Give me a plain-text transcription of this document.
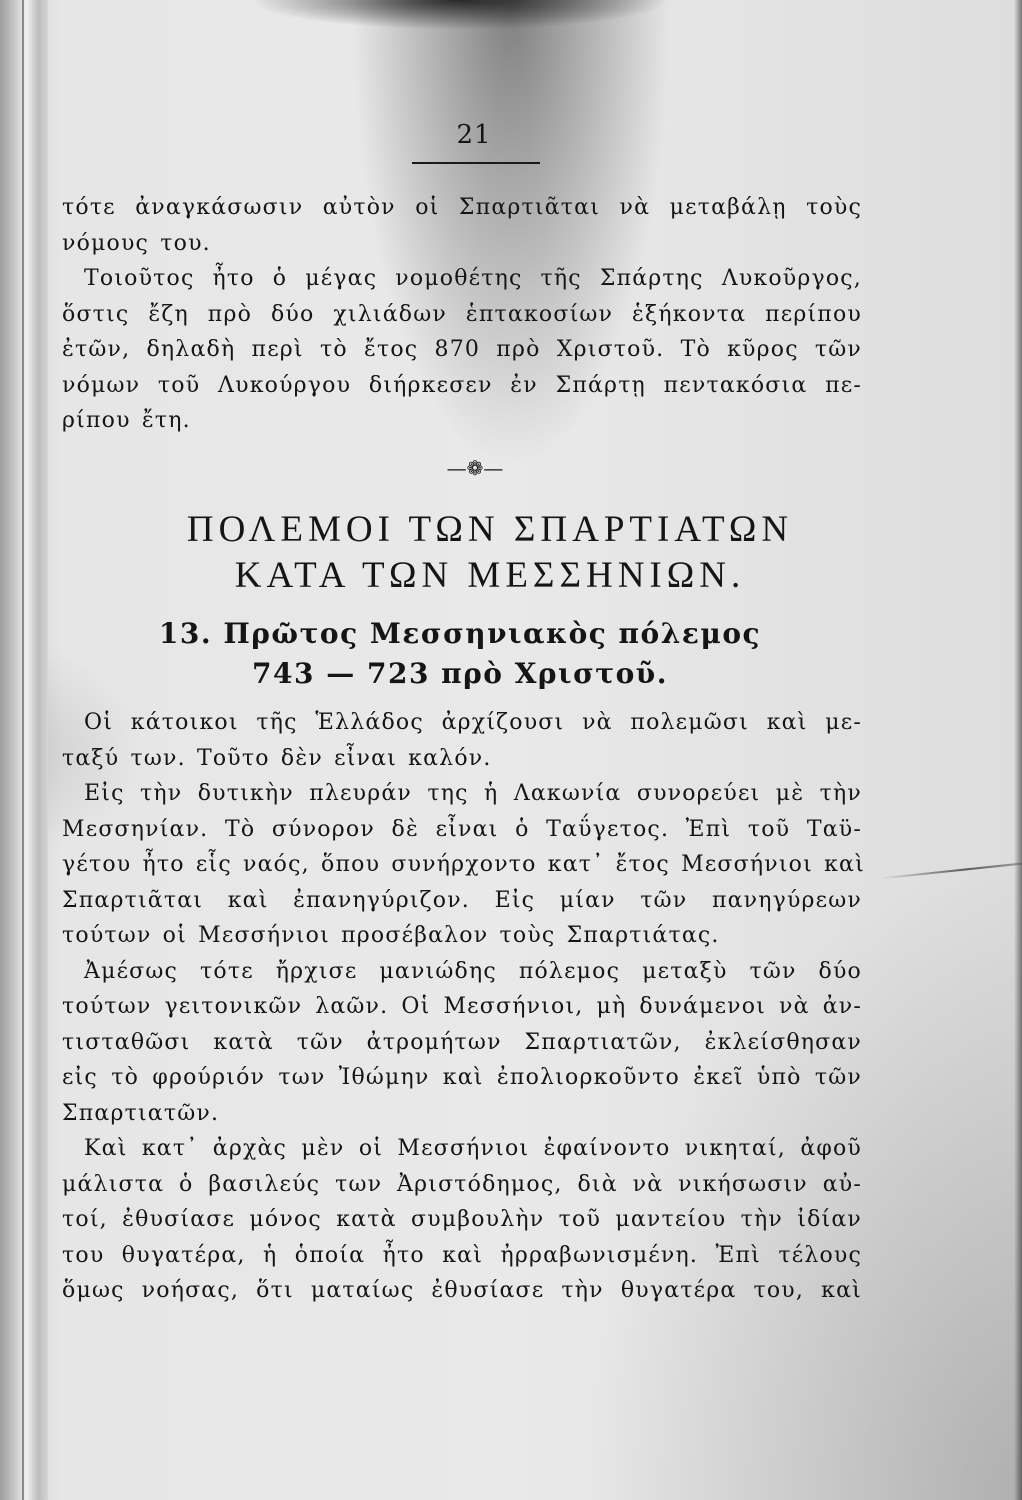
21
τότε ἀναγκάσωσιν αὐτὸν οἱ Σπαρτιᾶται νὰ μεταβάλῃ τοὺς
νόμους του.
Τοιοῦτος ἦτο ὁ μέγας νομοθέτης τῆς Σπάρτης Λυκοῦργος,
ὅστις ἔζη πρὸ δύο χιλιάδων ἑπτακοσίων ἑξήκοντα περίπου
ἐτῶν, δηλαδὴ περὶ τὸ ἔτος 870 πρὸ Χριστοῦ. Τὸ κῦρος τῶν
νόμων τοῦ Λυκούργου διήρκεσεν ἐν Σπάρτῃ πεντακόσια πε-
ρίπου ἔτη.
—❁—
ΠΟΛΕΜΟΙ ΤΩΝ ΣΠΑΡΤΙΑΤΩΝ
ΚΑΤΑ ΤΩΝ ΜΕΣΣΗΝΙΩΝ.
13. Πρῶτος Μεσσηνιακὸς πόλεμος
743 — 723 πρὸ Χριστοῦ.
Οἱ κάτοικοι τῆς Ἑλλάδος ἀρχίζουσι νὰ πολεμῶσι καὶ με-
ταξύ των. Τοῦτο δὲν εἶναι καλόν.
Εἰς τὴν δυτικὴν πλευράν της ἡ Λακωνία συνορεύει μὲ τὴν
Μεσσηνίαν. Τὸ σύνορον δὲ εἶναι ὁ Ταΰγετος. Ἐπὶ τοῦ Ταϋ-
γέτου ἦτο εἷς ναός, ὅπου συνήρχοντο κατ᾽ ἔτος Μεσσήνιοι καὶ
Σπαρτιᾶται καὶ ἐπανηγύριζον. Εἰς μίαν τῶν πανηγύρεων
τούτων οἱ Μεσσήνιοι προσέβαλον τοὺς Σπαρτιάτας.
Ἀμέσως τότε ἤρχισε μανιώδης πόλεμος μεταξὺ τῶν δύο
τούτων γειτονικῶν λαῶν. Οἱ Μεσσήνιοι, μὴ δυνάμενοι νὰ ἀν-
τισταθῶσι κατὰ τῶν ἀτρομήτων Σπαρτιατῶν, ἐκλείσθησαν
εἰς τὸ φρούριόν των Ἰθώμην καὶ ἐπολιορκοῦντο ἐκεῖ ὑπὸ τῶν
Σπαρτιατῶν.
Καὶ κατ᾽ ἀρχὰς μὲν οἱ Μεσσήνιοι ἐφαίνοντο νικηταί, ἀφοῦ
μάλιστα ὁ βασιλεύς των Ἀριστόδημος, διὰ νὰ νικήσωσιν αὐ-
τοί, ἐθυσίασε μόνος κατὰ συμβουλὴν τοῦ μαντείου τὴν ἰδίαν
του θυγατέρα, ἡ ὁποία ἦτο καὶ ἠρραβωνισμένη. Ἐπὶ τέλους
ὅμως νοήσας, ὅτι ματαίως ἐθυσίασε τὴν θυγατέρα του, καὶ
